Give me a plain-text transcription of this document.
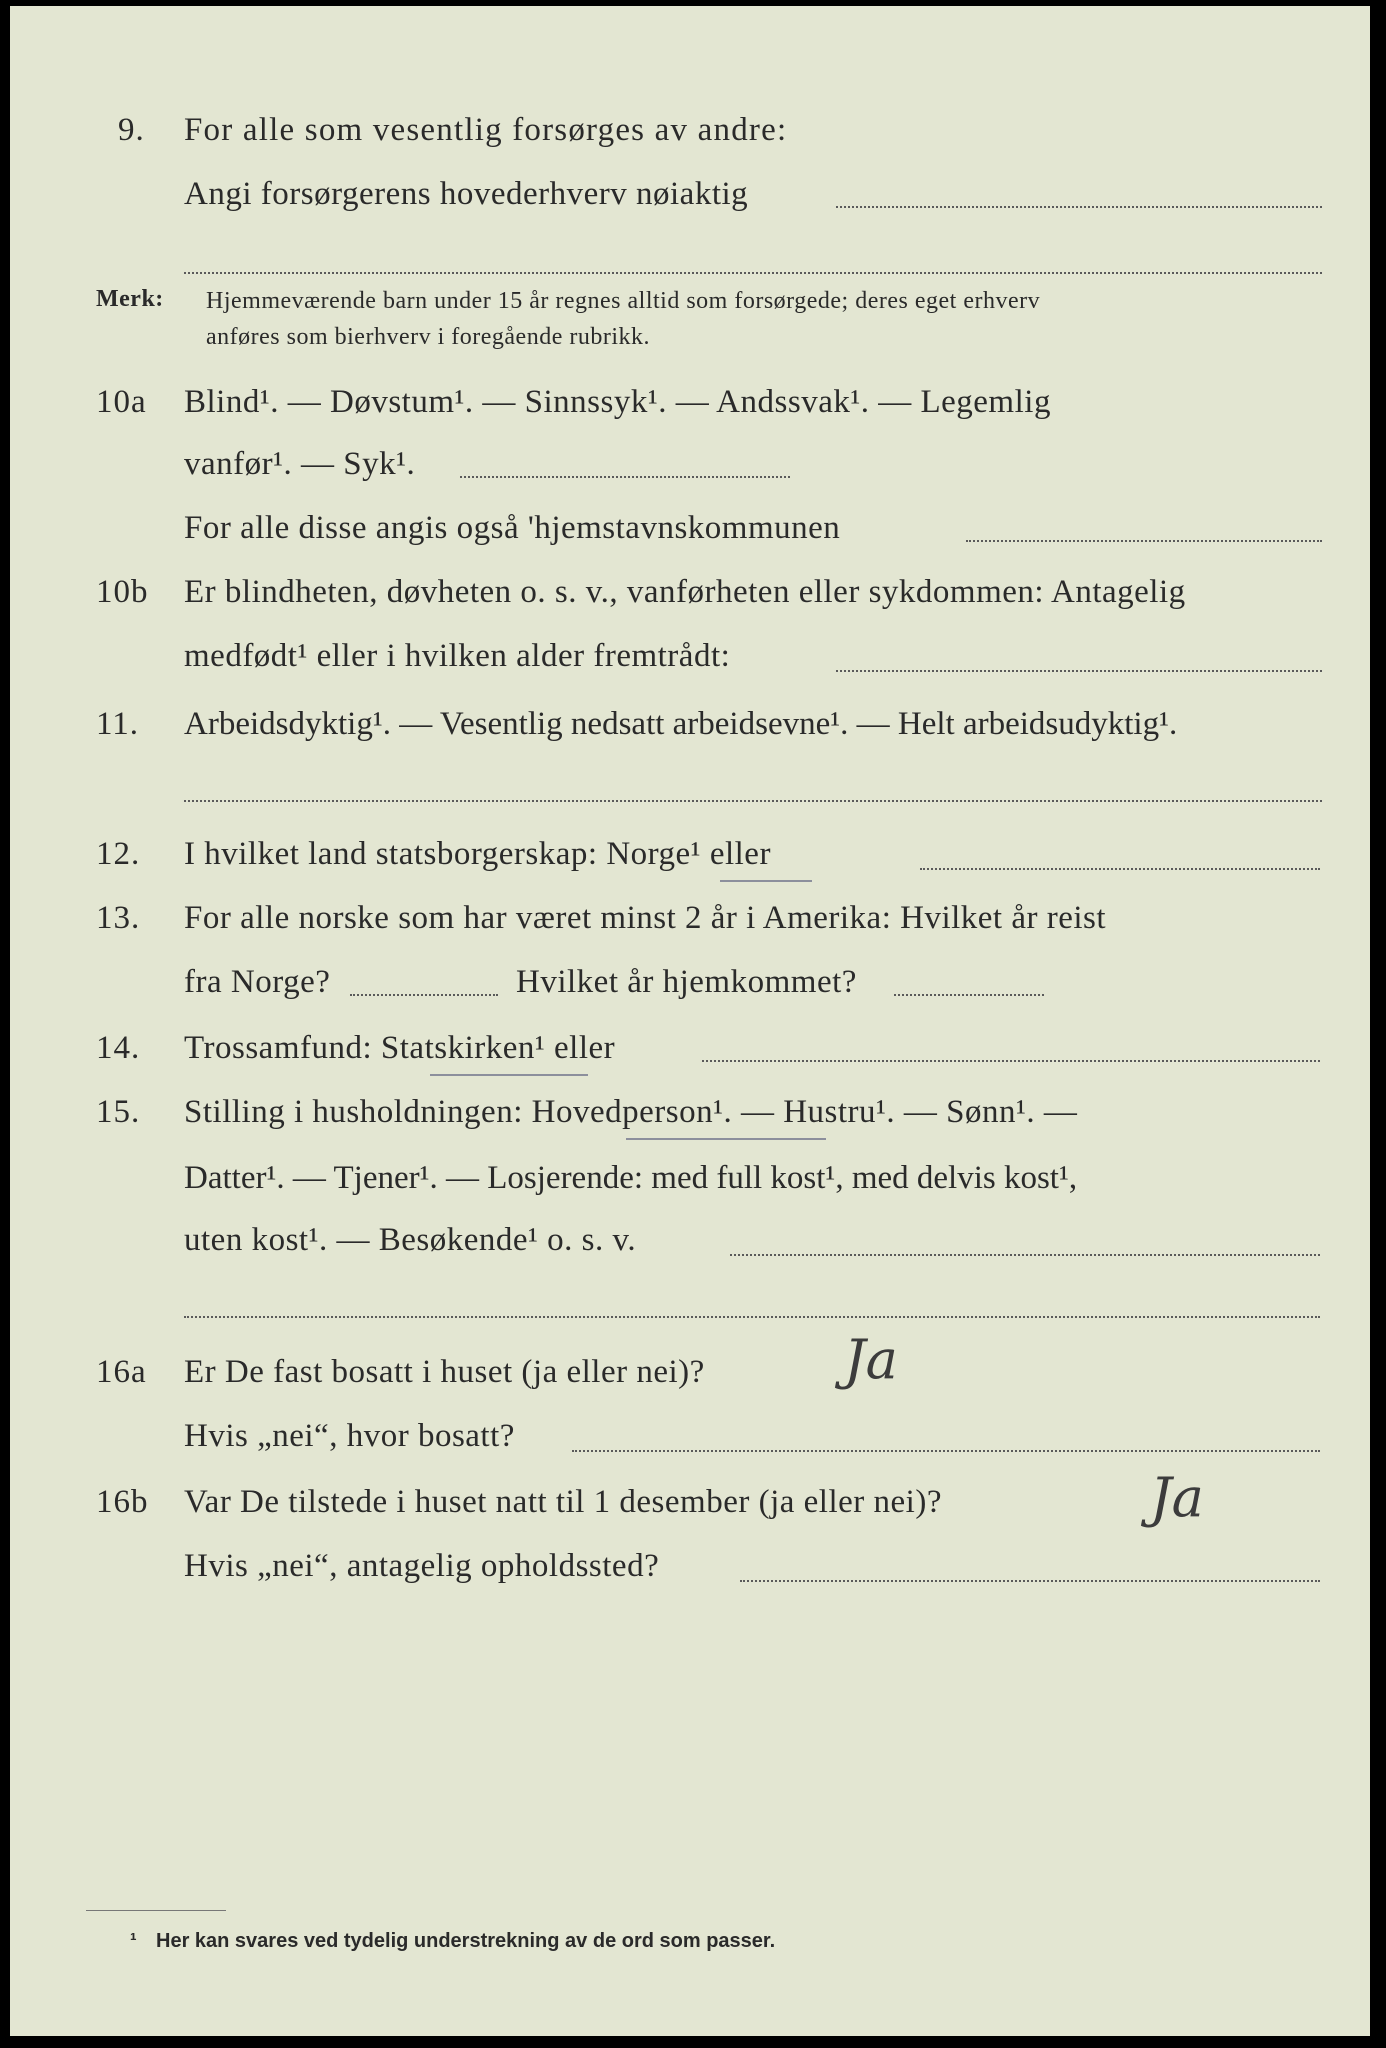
9. For alle som vesentlig forsørges av andre:
Angi forsørgerens hovederhverv nøiaktig
Merk: Hjemmeværende barn under 15 år regnes alltid som forsørgede; deres eget erhverv
anføres som bierhverv i foregående rubrikk.
10a Blind¹. — Døvstum¹. — Sinnssyk¹. — Andssvak¹. — Legemlig
vanfør¹. — Syk¹.
For alle disse angis også 'hjemstavnskommunen
10b Er blindheten, døvheten o. s. v., vanførheten eller sykdommen: Antagelig
medfødt¹ eller i hvilken alder fremtrådt:
11. Arbeidsdyktig¹. — Vesentlig nedsatt arbeidsevne¹. — Helt arbeidsudyktig¹.
12. I hvilket land statsborgerskap: Norge¹ eller
13. For alle norske som har været minst 2 år i Amerika: Hvilket år reist
fra Norge?	Hvilket år hjemkommet?
14. Trossamfund: Statskirken¹ eller
15. Stilling i husholdningen: Hovedperson¹. — Hustru¹. — Sønn¹. —
Datter¹. — Tjener¹. — Losjerende: med full kost¹, med delvis kost¹,
uten kost¹. — Besøkende¹ o. s. v.
16a Er De fast bosatt i huset (ja eller nei)?	Ja
Hvis „nei“, hvor bosatt?
16b Var De tilstede i huset natt til 1 desember (ja eller nei)?	Ja
Hvis „nei“, antagelig opholdssted?
¹ Her kan svares ved tydelig understrekning av de ord som passer.
